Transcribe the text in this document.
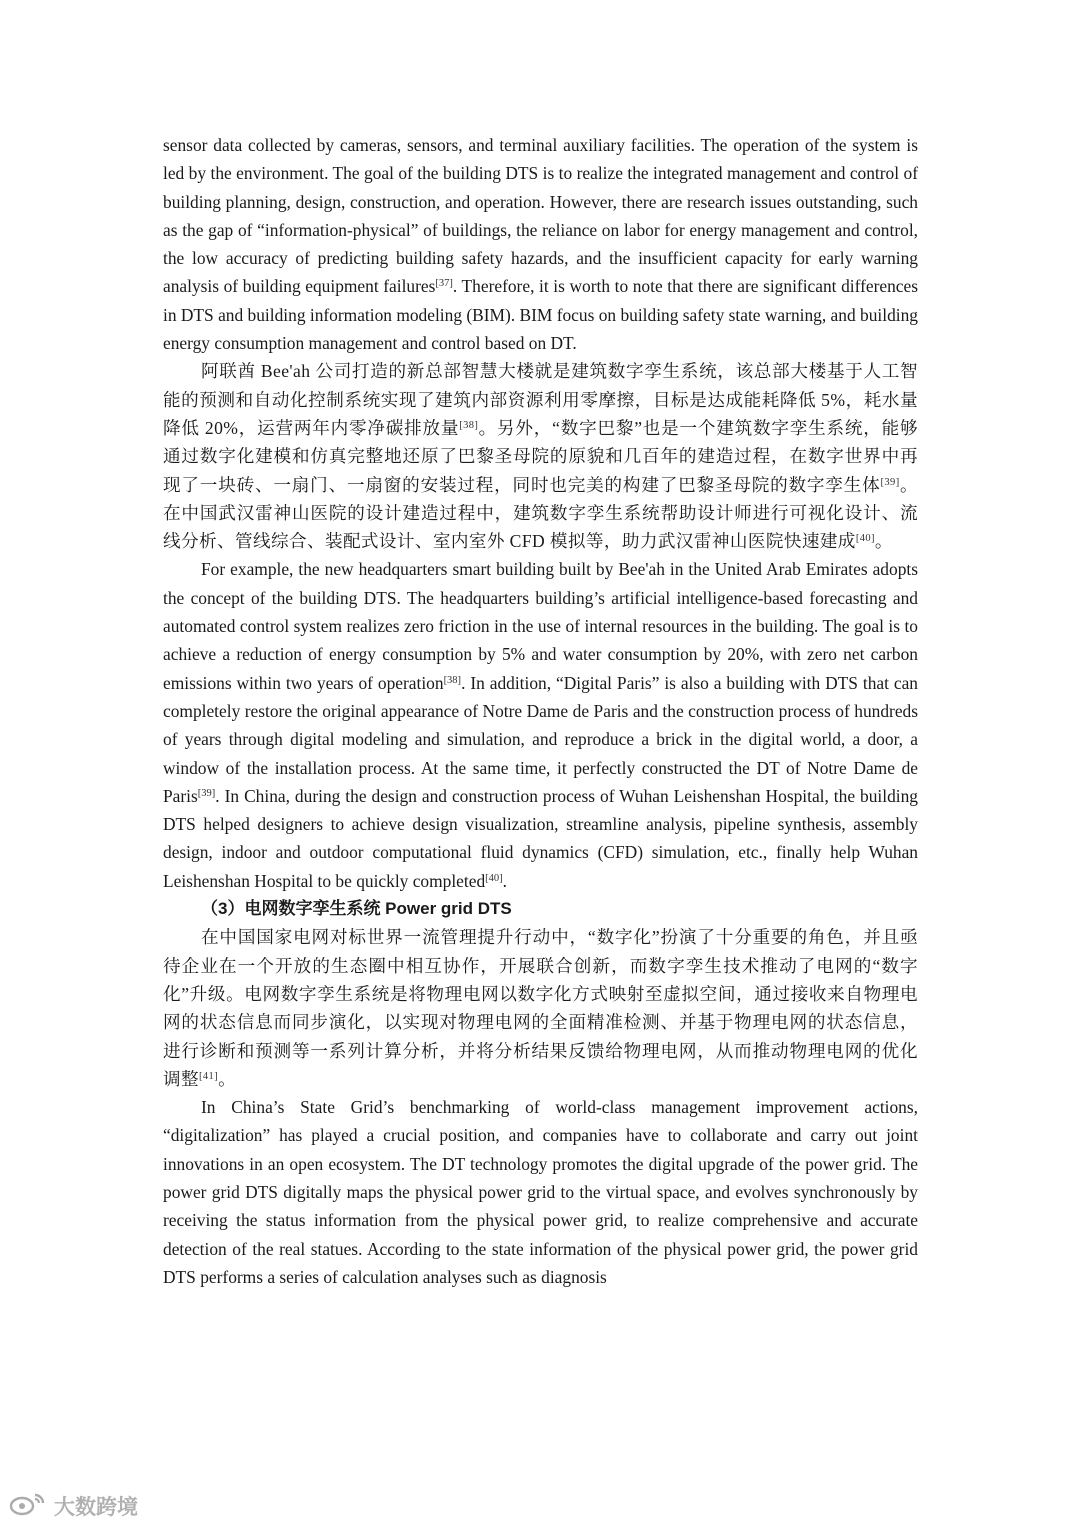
sensor data collected by cameras, sensors, and terminal auxiliary facilities. The operation of the system is led by the environment. The goal of the building DTS is to realize the integrated management and control of building planning, design, construction, and operation. However, there are research issues outstanding, such as the gap of “information-physical” of buildings, the reliance on labor for energy management and control, the low accuracy of predicting building safety hazards, and the insufficient capacity for early warning analysis of building equipment failures[37]. Therefore, it is worth to note that there are significant differences in DTS and building information modeling (BIM). BIM focus on building safety state warning, and building energy consumption management and control based on DT.

阿联酋 Bee'ah 公司打造的新总部智慧大楼就是建筑数字孪生系统，该总部大楼基于人工智能的预测和自动化控制系统实现了建筑内部资源利用零摩擦，目标是达成能耗降低 5%，耗水量降低 20%，运营两年内零净碳排放量[38]。另外，“数字巴黎”也是一个建筑数字孪生系统，能够通过数字化建模和仿真完整地还原了巴黎圣母院的原貌和几百年的建造过程，在数字世界中再现了一块砖、一扇门、一扇窗的安装过程，同时也完美的构建了巴黎圣母院的数字孪生体[39]。在中国武汉雷神山医院的设计建造过程中，建筑数字孪生系统帮助设计师进行可视化设计、流线分析、管线综合、装配式设计、室内室外 CFD 模拟等，助力武汉雷神山医院快速建成[40]。

For example, the new headquarters smart building built by Bee'ah in the United Arab Emirates adopts the concept of the building DTS. The headquarters building’s artificial intelligence-based forecasting and automated control system realizes zero friction in the use of internal resources in the building. The goal is to achieve a reduction of energy consumption by 5% and water consumption by 20%, with zero net carbon emissions within two years of operation[38]. In addition, “Digital Paris” is also a building with DTS that can completely restore the original appearance of Notre Dame de Paris and the construction process of hundreds of years through digital modeling and simulation, and reproduce a brick in the digital world, a door, a window of the installation process. At the same time, it perfectly constructed the DT of Notre Dame de Paris[39]. In China, during the design and construction process of Wuhan Leishenshan Hospital, the building DTS helped designers to achieve design visualization, streamline analysis, pipeline synthesis, assembly design, indoor and outdoor computational fluid dynamics (CFD) simulation, etc., finally help Wuhan Leishenshan Hospital to be quickly completed[40].

（3）电网数字孪生系统 Power grid DTS

在中国国家电网对标世界一流管理提升行动中，“数字化”扮演了十分重要的角色，并且亟待企业在一个开放的生态圈中相互协作，开展联合创新，而数字孪生技术推动了电网的“数字化”升级。电网数字孪生系统是将物理电网以数字化方式映射至虚拟空间，通过接收来自物理电网的状态信息而同步演化，以实现对物理电网的全面精准检测、并基于物理电网的状态信息，进行诊断和预测等一系列计算分析，并将分析结果反馈给物理电网，从而推动物理电网的优化调整[41]。

In China’s State Grid’s benchmarking of world-class management improvement actions, “digitalization” has played a crucial position, and companies have to collaborate and carry out joint innovations in an open ecosystem. The DT technology promotes the digital upgrade of the power grid. The power grid DTS digitally maps the physical power grid to the virtual space, and evolves synchronously by receiving the status information from the physical power grid, to realize comprehensive and accurate detection of the real statues. According to the state information of the physical power grid, the power grid DTS performs a series of calculation analyses such as diagnosis

大数跨境
